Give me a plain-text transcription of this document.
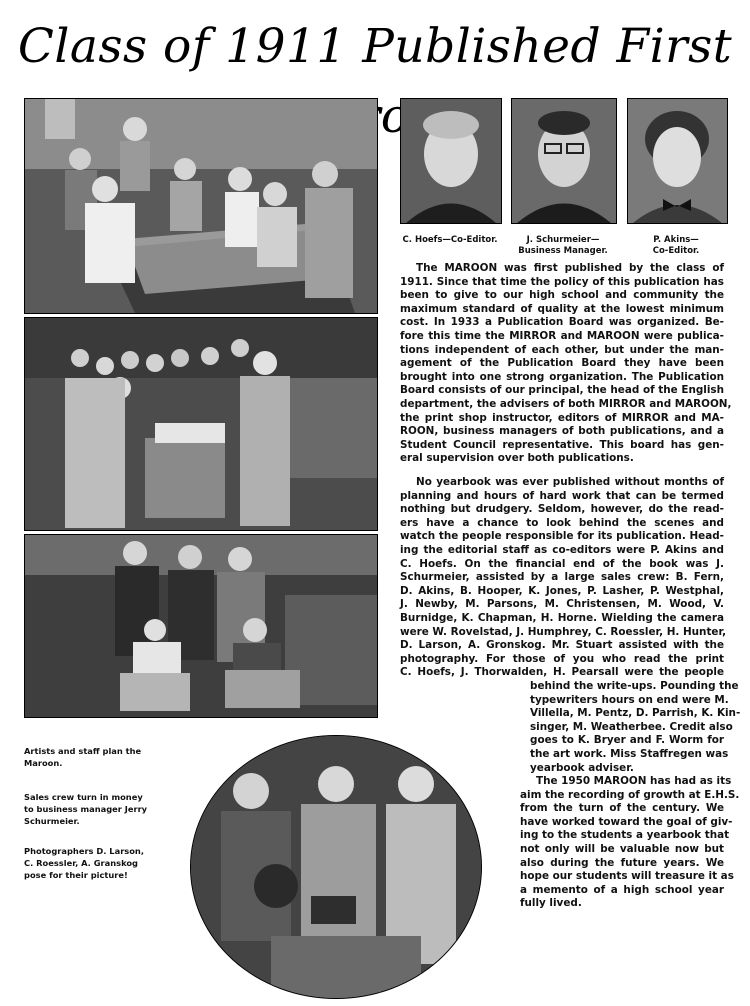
Class of 1911 Published First
C. Hoefs—Co-Editor.	J. Schurmeier—
Business Manager.
P. Akins—
Co-Editor.
The MAROON was first published by the class of
1911. Since that time the policy of this publication has
been to give to our high school and community the
maximum standard of quality at the lowest minimum
cost. In 1933 a Publication Board was organized. Be-
fore this time the MIRROR and MAROON were publica-
tions independent of each other, but under the man-
agement of the Publication Board they have been
brought into one strong organization. The Publication
Board consists of our principal, the head of the English
department, the advisers of both MIRROR and MAROON,
the print shop instructor, editors of MIRROR and MA-
ROON, business managers of both publications, and a
Student Council representative. This board has gen-
eral supervision over both publications.
No yearbook was ever published without months of
planning and hours of hard work that can be termed
nothing but drudgery. Seldom, however, do the read-
ers have a chance to look behind the scenes and
watch the people responsible for its publication. Head-
ing the editorial staff as co-editors were P. Akins and
C. Hoefs. On the financial end of the book was J.
Schurmeier, assisted by a large sales crew: B. Fern,
D. Akins, B. Hooper, K. Jones, P. Lasher, P. Westphal,
J. Newby, M. Parsons, M. Christensen, M. Wood, V.
Burnidge, K. Chapman, H. Horne. Wielding the camera
were W. Rovelstad, J. Humphrey, C. Roessler, H. Hunter,
D. Larson, A. Gronskog. Mr. Stuart assisted with the
photography. For those of you who read the print
C. Hoefs, J. Thorwalden, H. Pearsall were the people
behind the write-ups. Pounding the
typewriters hours on end were M.
Villella, M. Pentz, D. Parrish, K. Kin-
singer, M. Weatherbee. Credit also
goes to K. Bryer and F. Worm for
the art work. Miss Staffregen was
yearbook adviser.
The 1950 MAROON has had as its
aim the recording of growth at E.H.S.
from the turn of the century. We
have worked toward the goal of giv-
ing to the students a yearbook that
not only will be valuable now but
also during the future years. We
hope our students will treasure it as
a memento of a high school year
fully lived.
Artists and staff plan the
Maroon.
Sales crew turn in money
to business manager Jerry
Schurmeier.
Photographers D. Larson,
C. Roessler, A. Granskog
pose for their picture!
